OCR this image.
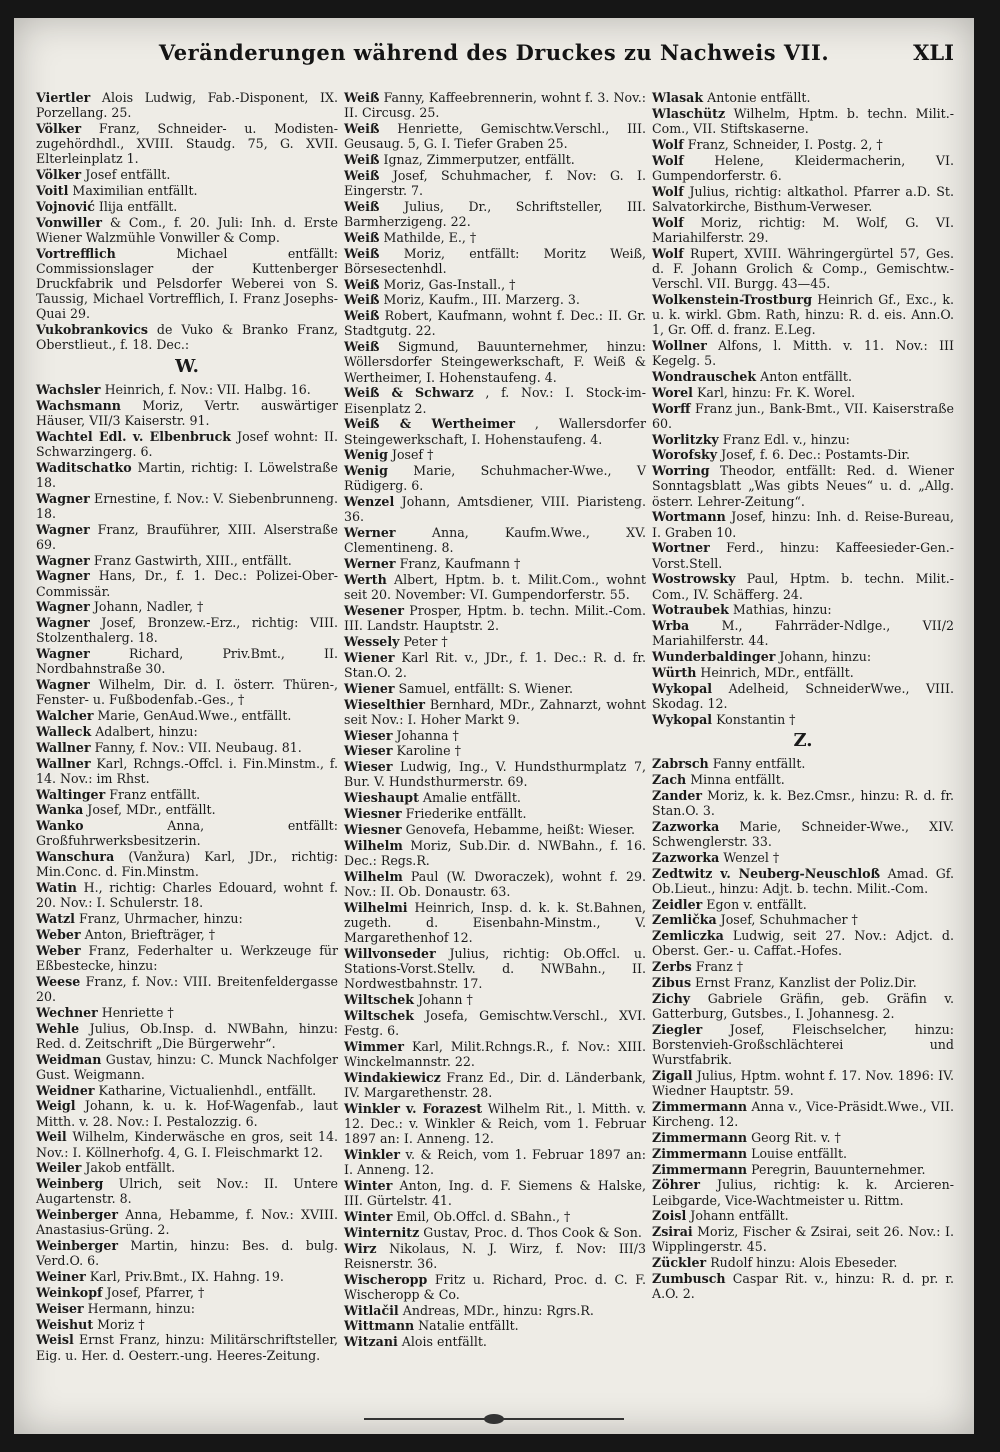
Veränderungen während des Druckes zu Nachweis VII.	XLI
Viertler Alois Ludwig, Fab.-Disponent, IX. Porzellang. 25.
Völker Franz, Schneider- u. Modisten-zugehördhdl., XVIII. Staudg. 75, G. XVII. Elterleinplatz 1.
Völker Josef entfällt.
Voitl Maximilian entfällt.
Vojnović Ilija entfällt.
Vonwiller & Com., f. 20. Juli: Inh. d. Erste Wiener Walzmühle Vonwiller & Comp.
Vortrefflich	Michael entfällt: Commissionslager der Kuttenberger Druckfabrik und Pelsdorfer Weberei von S. Taussig, Michael Vortrefflich, I. Franz Josephs-Quai 29.
Vukobrankovics de Vuko & Branko Franz, Oberstlieut., f. 18. Dec.:
W.
Wachsler Heinrich, f. Nov.: VII. Halbg. 16.
Wachsmann Moriz, Vertr. auswärtiger Häuser, VII/3 Kaiserstr. 91.
Wachtel Edl. v. Elbenbruck Josef wohnt: II. Schwarzingerg. 6.
Waditschatko Martin, richtig: I. Löwelstraße 18.
Wagner Ernestine, f. Nov.: V. Siebenbrunneng. 18.
Wagner Franz, Brauführer, XIII. Alserstraße 69.
Wagner Franz Gastwirth, XIII., entfällt.
Wagner Hans, Dr., f. 1. Dec.: Polizei-Ober-Commissär.
Wagner Johann, Nadler, †
Wagner Josef, Bronzew.-Erz., richtig: VIII. Stolzenthalerg. 18.
Wagner	Richard, Priv.Bmt., II. Nordbahnstraße 30.
Wagner Wilhelm, Dir. d. I. österr. Thüren-, Fenster- u. Fußbodenfab.-Ges., †
Walcher Marie, GenAud.Wwe., entfällt.
Walleck Adalbert, hinzu:
Wallner Fanny, f. Nov.: VII. Neubaug. 81.
Wallner Karl, Rchngs.-Offcl. i. Fin.Minstm., f. 14. Nov.: im Rhst.
Waltinger Franz entfällt.
Wanka Josef, MDr., entfällt.
Wanko	Anna, entfällt: Großfuhrwerksbesitzerin.
Wanschura (Vanžura) Karl, JDr., richtig: Min.Conc. d. Fin.Minstm.
Watin H., richtig: Charles Edouard, wohnt f. 20. Nov.: I. Schulerstr. 18.
Watzl Franz, Uhrmacher, hinzu:
Weber Anton, Briefträger, †
Weber Franz, Federhalter u. Werkzeuge für Eßbestecke, hinzu:
Weese Franz, f. Nov.: VIII. Breitenfeldergasse 20.
Wechner Henriette †
Wehle Julius, Ob.Insp. d. NWBahn, hinzu: Red. d. Zeitschrift „Die Bürgerwehr“.
Weidman Gustav, hinzu: C. Munck Nachfolger Gust. Weigmann.
Weidner Katharine, Victualienhdl., entfällt.
Weigl Johann, k. u. k. Hof-Wagenfab., laut Mitth. v. 28. Nov.: I. Pestalozzig. 6.
Weil Wilhelm, Kinderwäsche en gros, seit 14. Nov.: I. Köllnerhofg. 4, G. I. Fleischmarkt 12.
Weiler Jakob entfällt.
Weinberg Ulrich, seit Nov.: II. Untere Augartenstr. 8.
Weinberger Anna, Hebamme, f. Nov.: XVIII. Anastasius-Grüng. 2.
Weinberger Martin, hinzu: Bes. d. bulg. Verd.O. 6.
Weiner Karl, Priv.Bmt., IX. Hahng. 19.
Weinkopf Josef, Pfarrer, †
Weiser Hermann, hinzu:
Weishut Moriz †
Weisl Ernst Franz, hinzu: Militärschriftsteller, Eig. u. Her. d. Oesterr.-ung. Heeres-Zeitung.
Weiß Fanny, Kaffeebrennerin, wohnt f. 3. Nov.: II. Circusg. 25.
Weiß Henriette, Gemischtw.Verschl., III. Geusaug. 5, G. I. Tiefer Graben 25.
Weiß Ignaz, Zimmerputzer, entfällt.
Weiß Josef, Schuhmacher, f. Nov: G. I. Eingerstr. 7.
Weiß Julius, Dr., Schriftsteller, III. Barmherzigeng. 22.
Weiß Mathilde, E., †
Weiß Moriz, entfällt: Moritz Weiß, Börsesectenhdl.
Weiß Moriz, Gas-Install., †
Weiß Moriz, Kaufm., III. Marzerg. 3.
Weiß Robert, Kaufmann, wohnt f. Dec.: II. Gr. Stadtgutg. 22.
Weiß Sigmund, Bauunternehmer, hinzu: Wöllersdorfer Steingewerkschaft, F. Weiß & Wertheimer, I. Hohenstaufeng. 4.
Weiß & Schwarz , f. Nov.: I. Stock-im-Eisenplatz 2.
Weiß & Wertheimer , Wallersdorfer Steingewerkschaft, I. Hohenstaufeng. 4.
Wenig Josef †
Wenig Marie, Schuhmacher-Wwe., V Rüdigerg. 6.
Wenzel Johann, Amtsdiener, VIII. Piaristeng. 36.
Werner	Anna, Kaufm.Wwe., XV. Clementineng. 8.
Werner Franz, Kaufmann †
Werth Albert, Hptm. b. t. Milit.Com., wohnt seit 20. November: VI. Gumpendorferstr. 55.
Wesener Prosper, Hptm. b. techn. Milit.-Com. III. Landstr. Hauptstr. 2.
Wessely Peter †
Wiener Karl Rit. v., JDr., f. 1. Dec.: R. d. fr. Stan.O. 2.
Wiener Samuel, entfällt: S. Wiener.
Wieselthier Bernhard, MDr., Zahnarzt, wohnt seit Nov.: I. Hoher Markt 9.
Wieser Johanna †
Wieser Karoline †
Wieser Ludwig, Ing., V. Hundsthurmplatz 7, Bur. V. Hundsthurmerstr. 69.
Wieshaupt Amalie entfällt.
Wiesner Friederike entfällt.
Wiesner Genovefa, Hebamme, heißt: Wieser.
Wilhelm Moriz, Sub.Dir. d. NWBahn., f. 16. Dec.: Regs.R.
Wilhelm Paul (W. Dworaczek), wohnt f. 29. Nov.: II. Ob. Donaustr. 63.
Wilhelmi Heinrich, Insp. d. k. k. St.Bahnen, zugeth. d. Eisenbahn-Minstm., V. Margarethenhof 12.
Willvonseder Julius, richtig: Ob.Offcl. u. Stations-Vorst.Stellv. d. NWBahn., II. Nordwestbahnstr. 17.
Wiltschek Johann †
Wiltschek Josefa, Gemischtw.Verschl., XVI. Festg. 6.
Wimmer Karl, Milit.Rchngs.R., f. Nov.: XIII. Winckelmannstr. 22.
Windakiewicz Franz Ed., Dir. d. Länderbank, IV. Margarethenstr. 28.
Winkler v. Forazest Wilhelm Rit., l. Mitth. v. 12. Dec.: v. Winkler & Reich, vom 1. Februar 1897 an: I. Anneng. 12.
Winkler v. & Reich, vom 1. Februar 1897 an: I. Anneng. 12.
Winter Anton, Ing. d. F. Siemens & Halske, III. Gürtelstr. 41.
Winter Emil, Ob.Offcl. d. SBahn., †
Winternitz Gustav, Proc. d. Thos Cook & Son.
Wirz Nikolaus, N. J. Wirz, f. Nov: III/3 Reisnerstr. 36.
Wischeropp Fritz u. Richard, Proc. d. C. F. Wischeropp & Co.
Witlačil Andreas, MDr., hinzu: Rgrs.R.
Wittmann Natalie entfällt.
Witzani Alois entfällt.
Wlasak Antonie entfällt.
Wlaschütz Wilhelm, Hptm. b. techn. Milit.-Com., VII. Stiftskaserne.
Wolf Franz, Schneider, I. Postg. 2, †
Wolf Helene, Kleidermacherin, VI. Gumpendorferstr. 6.
Wolf Julius, richtig: altkathol. Pfarrer a.D. St. Salvatorkirche, Bisthum-Verweser.
Wolf Moriz, richtig: M. Wolf, G. VI. Mariahilferstr. 29.
Wolf Rupert, XVIII. Währingergürtel 57, Ges. d. F. Johann Grolich & Comp., Gemischtw.-Verschl. VII. Burgg. 43—45.
Wolkenstein-Trostburg Heinrich Gf., Exc., k. u. k. wirkl. Gbm. Rath, hinzu: R. d. eis. Ann.O. 1, Gr. Off. d. franz. E.Leg.
Wollner Alfons, l. Mitth. v. 11. Nov.: III Kegelg. 5.
Wondrauschek Anton entfällt.
Worel Karl, hinzu: Fr. K. Worel.
Worff Franz jun., Bank-Bmt., VII. Kaiserstraße 60.
Worlitzky Franz Edl. v., hinzu:
Worofsky Josef, f. 6. Dec.: Postamts-Dir.
Worring Theodor, entfällt: Red. d. Wiener Sonntagsblatt „Was gibts Neues“ u. d. „Allg. österr. Lehrer-Zeitung“.
Wortmann Josef, hinzu: Inh. d. Reise-Bureau, I. Graben 10.
Wortner Ferd., hinzu: Kaffeesieder-Gen.-Vorst.Stell.
Wostrowsky Paul, Hptm. b. techn. Milit.-Com., IV. Schäfferg. 24.
Wotraubek Mathias, hinzu:
Wrba	M., Fahrräder-Ndlge., VII/2 Mariahilferstr. 44.
Wunderbaldinger Johann, hinzu:
Würth Heinrich, MDr., entfällt.
Wykopal Adelheid, SchneiderWwe., VIII. Skodag. 12.
Wykopal Konstantin †
Z.
Zabrsch Fanny entfällt.
Zach Minna entfällt.
Zander Moriz, k. k. Bez.Cmsr., hinzu: R. d. fr. Stan.O. 3.
Zazworka Marie, Schneider-Wwe., XIV. Schwenglerstr. 33.
Zazworka Wenzel †
Zedtwitz v. Neuberg-Neuschloß Amad. Gf. Ob.Lieut., hinzu: Adjt. b. techn. Milit.-Com.
Zeidler Egon v. entfällt.
Zemlička Josef, Schuhmacher †
Zemliczka Ludwig, seit 27. Nov.: Adjct. d. Oberst. Ger.- u. Caffat.-Hofes.
Zerbs Franz †
Zibus Ernst Franz, Kanzlist der Poliz.Dir.
Zichy Gabriele Gräfin, geb. Gräfin v. Gatterburg, Gutsbes., I. Johannesg. 2.
Ziegler Josef, Fleischselcher, hinzu: Borstenvieh-Großschlächterei und Wurstfabrik.
Zigall Julius, Hptm. wohnt f. 17. Nov. 1896: IV. Wiedner Hauptstr. 59.
Zimmermann Anna v., Vice-Präsidt.Wwe., VII. Kircheng. 12.
Zimmermann Georg Rit. v. †
Zimmermann Louise entfällt.
Zimmermann Peregrin, Bauunternehmer.
Zöhrer Julius, richtig: k. k. Arcieren-Leibgarde, Vice-Wachtmeister u. Rittm.
Zoisl Johann entfällt.
Zsirai Moriz, Fischer & Zsirai, seit 26. Nov.: I. Wipplingerstr. 45.
Zückler Rudolf hinzu: Alois Ebeseder.
Zumbusch Caspar Rit. v., hinzu: R. d. pr. r. A.O. 2.
